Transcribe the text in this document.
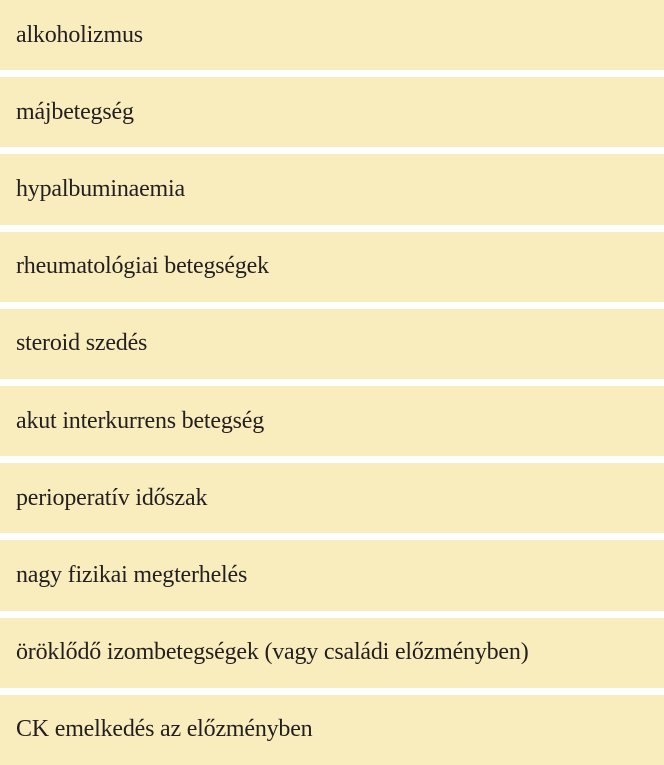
alkoholizmus
májbetegség
hypalbuminaemia
rheumatológiai betegségek
steroid szedés
akut interkurrens betegség
perioperatív időszak
nagy fizikai megterhelés
öröklődő izombetegségek (vagy családi előzményben)
CK emelkedés az előzményben
